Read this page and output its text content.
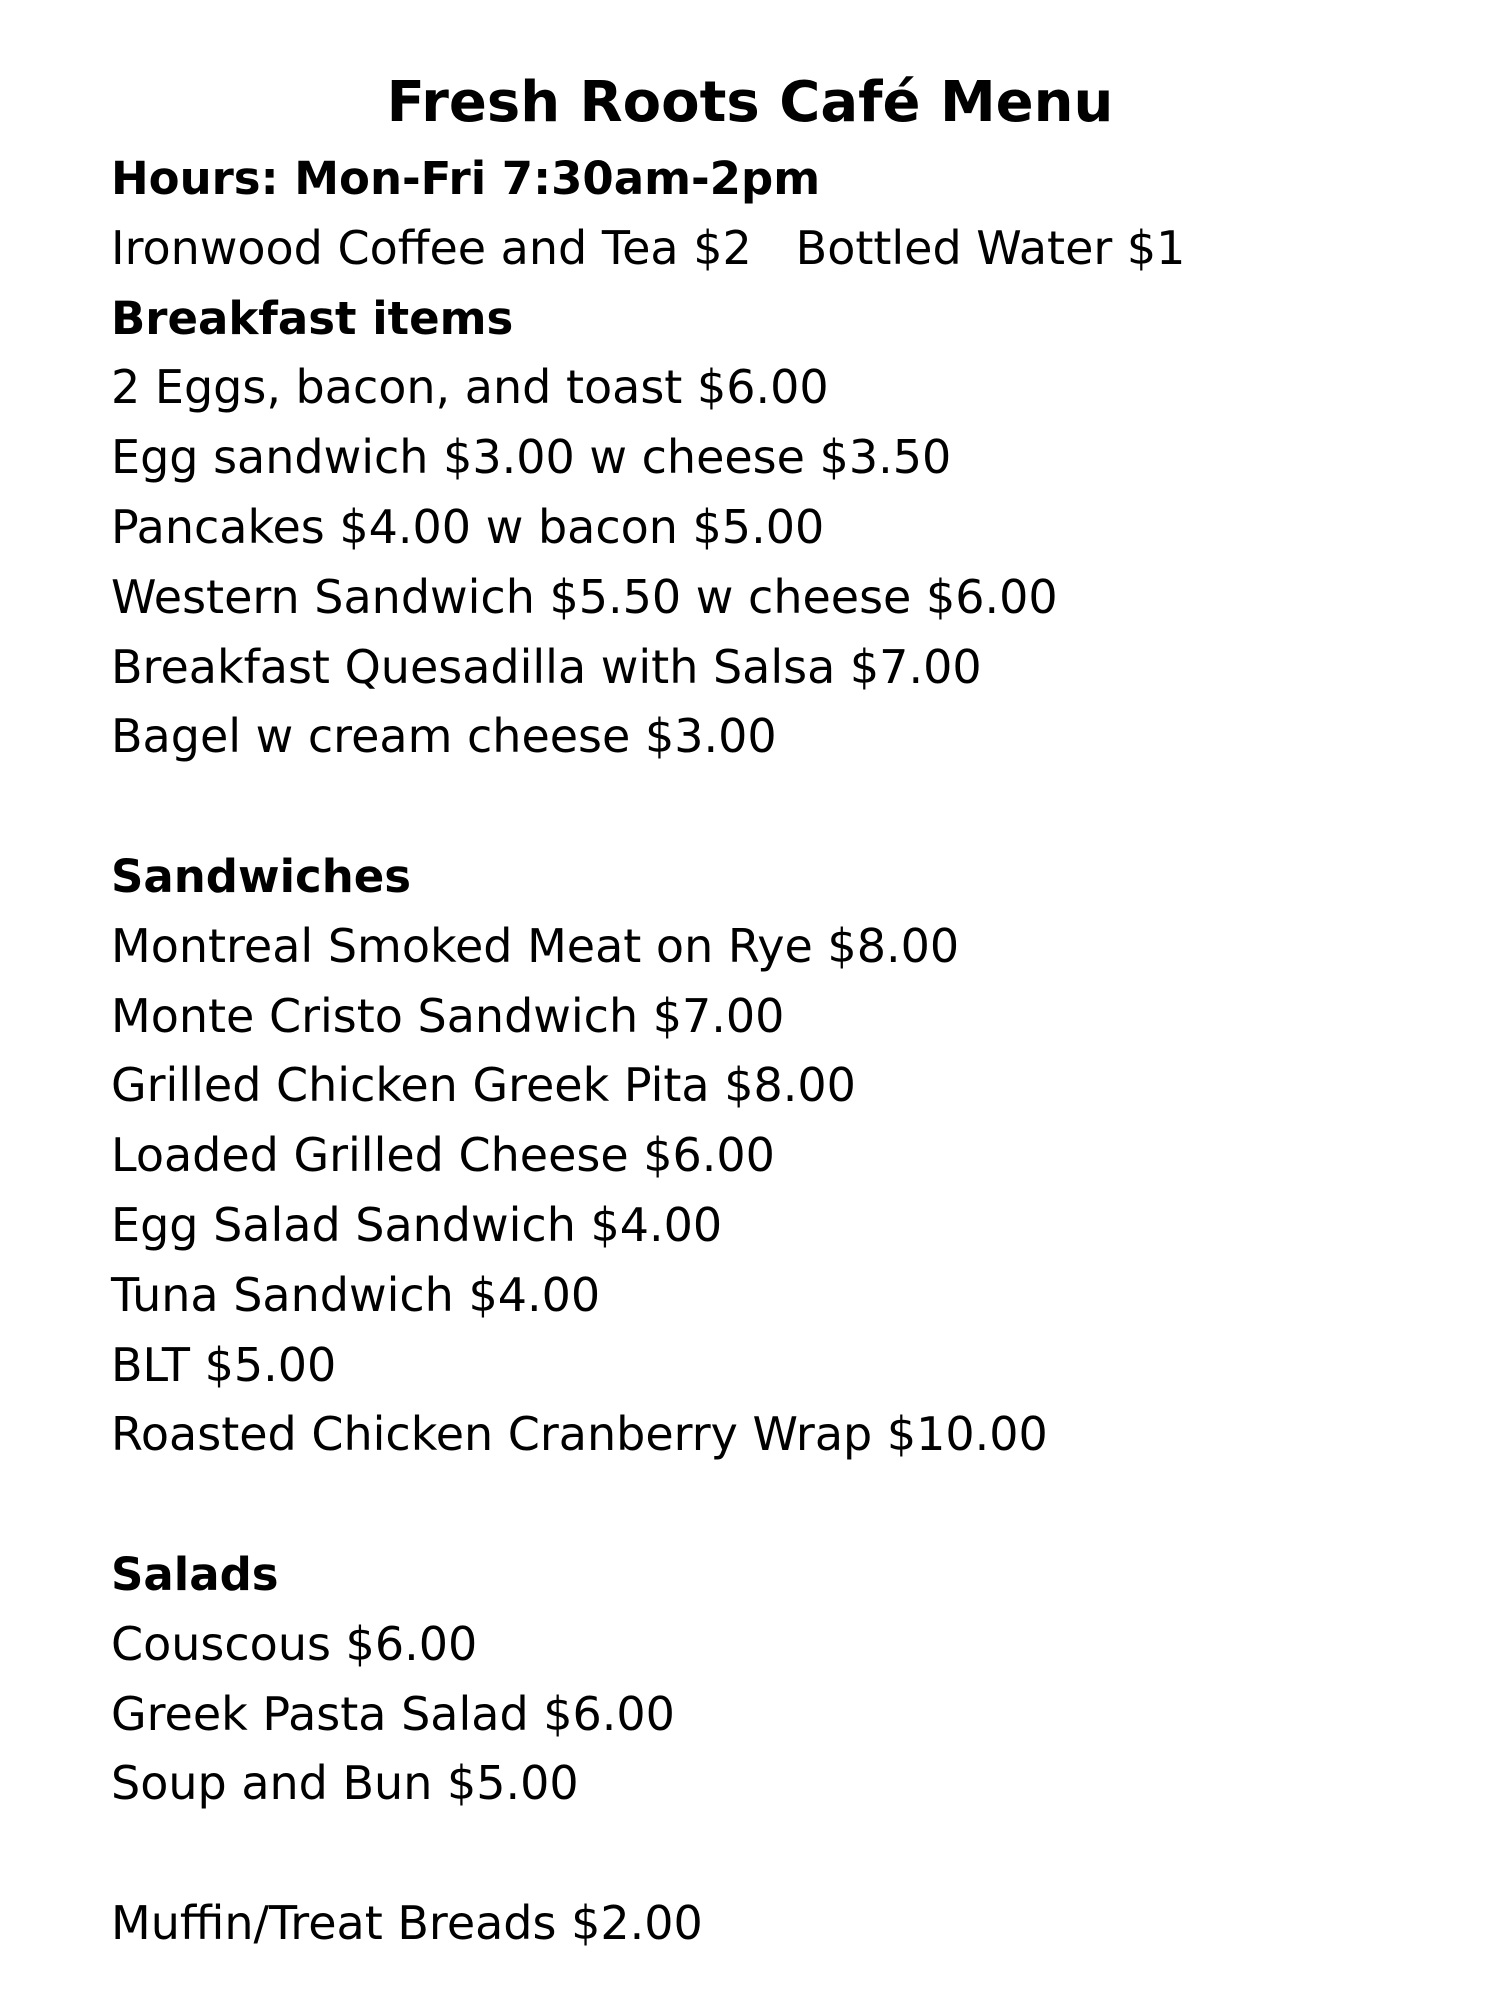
Fresh Roots Café Menu
Hours: Mon-Fri 7:30am-2pm
Ironwood Coffee and Tea $2   Bottled Water $1
Breakfast items
2 Eggs, bacon, and toast $6.00
Egg sandwich $3.00 w cheese $3.50
Pancakes $4.00 w bacon $5.00
Western Sandwich $5.50 w cheese $6.00
Breakfast Quesadilla with Salsa $7.00
Bagel w cream cheese $3.00
Sandwiches
Montreal Smoked Meat on Rye $8.00
Monte Cristo Sandwich $7.00
Grilled Chicken Greek Pita $8.00
Loaded Grilled Cheese $6.00
Egg Salad Sandwich $4.00
Tuna Sandwich $4.00
BLT $5.00
Roasted Chicken Cranberry Wrap $10.00
Salads
Couscous $6.00
Greek Pasta Salad $6.00
Soup and Bun $5.00
Muffin/Treat Breads $2.00
